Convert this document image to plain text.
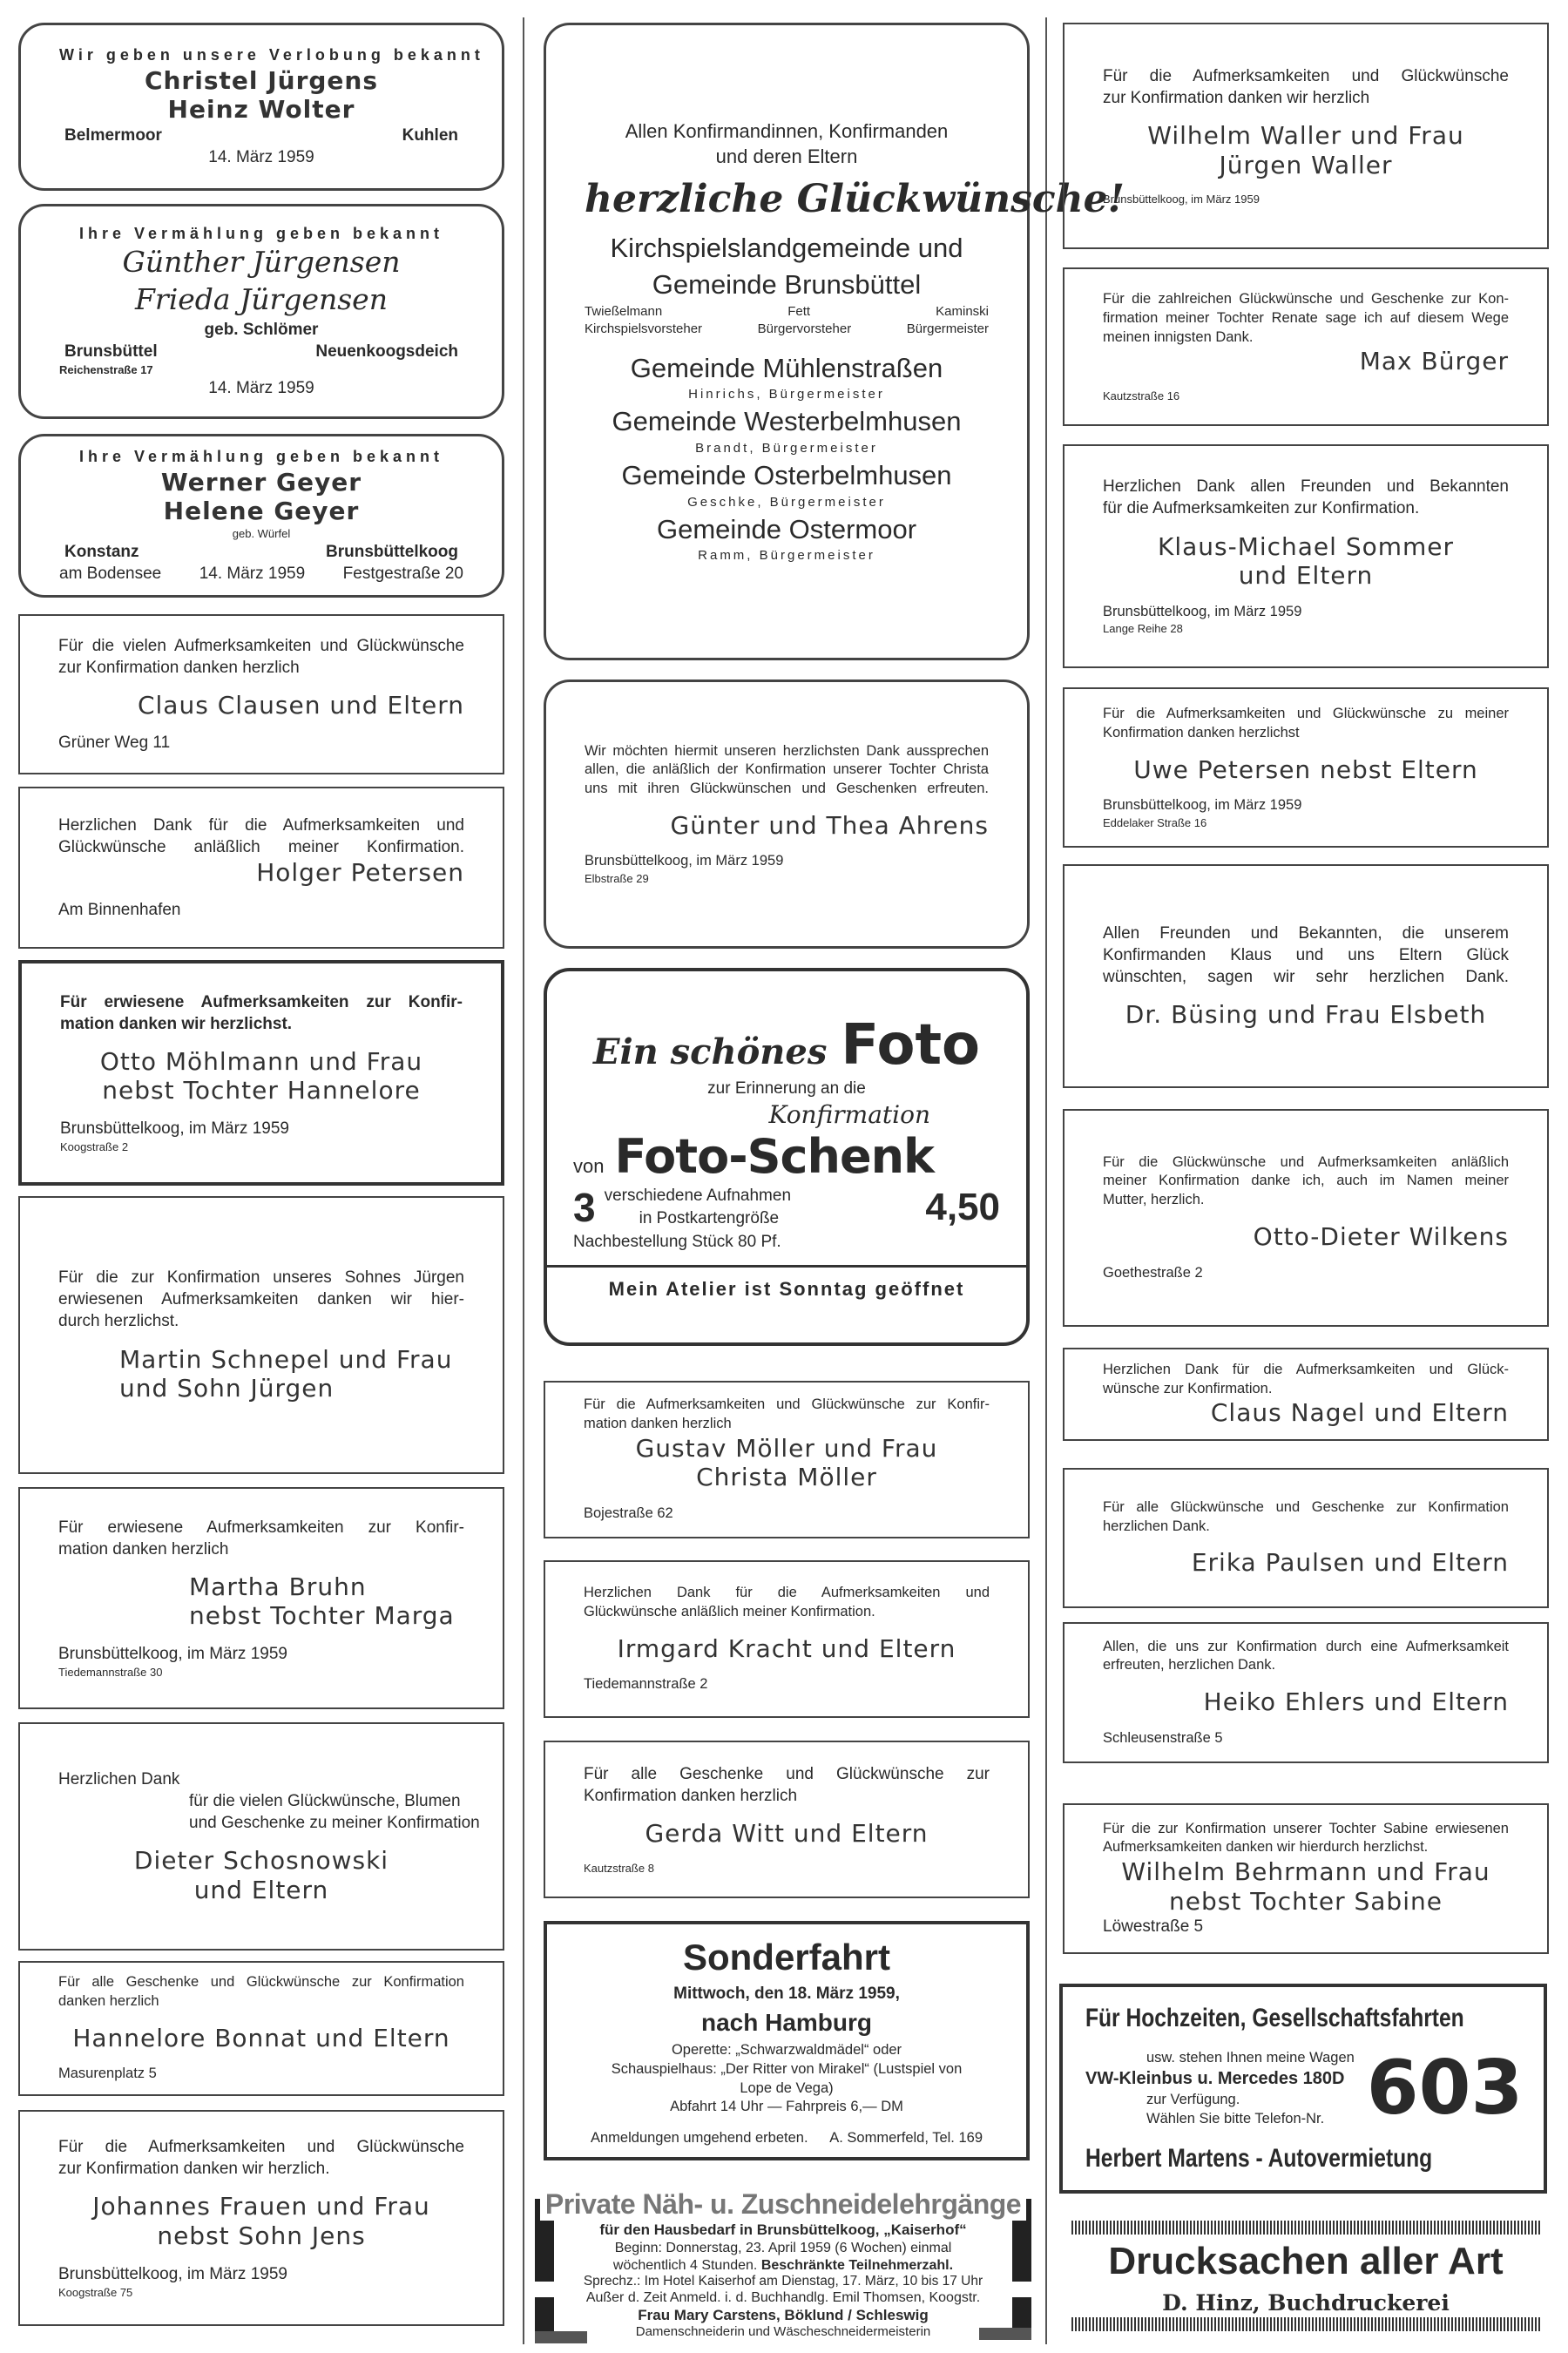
Wir geben unsere Verlobung bekannt
Christel Jürgens
Heinz Wolter
Belmermoor	Kuhlen
14. März 1959
Ihre Vermählung geben bekannt
Günther Jürgensen
Frieda Jürgensen
geb. Schlömer
Brunsbüttel	Neuenkoogsdeich
Reichenstraße 17
14. März 1959
Ihre Vermählung geben bekannt
Werner Geyer
Helene Geyer
geb. Würfel
Konstanz	Brunsbüttelkoog
am Bodensee 14. März 1959 Festgestraße 20
Für die vielen Aufmerksamkeiten und Glückwünsche
zur Konfirmation danken herzlich
Claus Clausen und Eltern
Grüner Weg 11
Herzlichen Dank für die Aufmerksamkeiten und
Glückwünsche anläßlich meiner Konfirmation.
Holger Petersen
Am Binnenhafen
Für erwiesene Aufmerksamkeiten zur Konfir-
mation danken wir herzlichst.
Otto Möhlmann und Frau
nebst Tochter Hannelore
Brunsbüttelkoog, im März 1959
Koogstraße 2
Für die zur Konfirmation unseres Sohnes Jürgen
erwiesenen Aufmerksamkeiten danken wir hier-
durch herzlichst.
Martin Schnepel und Frau
und Sohn Jürgen
Für erwiesene Aufmerksamkeiten zur Konfir-
mation danken herzlich
Martha Bruhn
nebst Tochter Marga
Brunsbüttelkoog, im März 1959
Tiedemannstraße 30
Herzlichen Dank
für die vielen Glückwünsche, Blumen
und Geschenke zu meiner Konfirmation
Dieter Schosnowski
und Eltern
Für alle Geschenke und Glückwünsche zur Konfirmation
danken herzlich
Hannelore Bonnat und Eltern
Masurenplatz 5
Für die Aufmerksamkeiten und Glückwünsche
zur Konfirmation danken wir herzlich.
Johannes Frauen und Frau
nebst Sohn Jens
Brunsbüttelkoog, im März 1959
Koogstraße 75
Allen Konfirmandinnen, Konfirmanden
und deren Eltern
herzliche Glückwünsche!
Kirchspielslandgemeinde und
Gemeinde Brunsbüttel
Twießelmann	Fett	Kaminski
Kirchspielsvorsteher	Bürgervorsteher	Bürgermeister
Gemeinde Mühlenstraßen
Hinrichs, Bürgermeister
Gemeinde Westerbelmhusen
Brandt, Bürgermeister
Gemeinde Osterbelmhusen
Geschke, Bürgermeister
Gemeinde Ostermoor
Ramm, Bürgermeister
Wir möchten hiermit unseren herzlichsten Dank aussprechen
allen, die anläßlich der Konfirmation unserer Tochter Christa
uns mit ihren Glückwünschen und Geschenken erfreuten.
Günter und Thea Ahrens
Brunsbüttelkoog, im März 1959
Elbstraße 29
Für die Aufmerksamkeiten und Glückwünsche zur Konfir-
mation danken herzlich
Gustav Möller und Frau
Christa Möller
Bojestraße 62
Herzlichen Dank für die Aufmerksamkeiten und
Glückwünsche anläßlich meiner Konfirmation.
Irmgard Kracht und Eltern
Tiedemannstraße 2
Für alle Geschenke und Glückwünsche zur
Konfirmation danken herzlich
Gerda Witt und Eltern
Kautzstraße 8
Sonderfahrt
Mittwoch, den 18. März 1959,
nach Hamburg
Operette: „Schwarzwaldmädel“ oder
Schauspielhaus: „Der Ritter von Mirakel“ (Lustspiel von
Lope de Vega)
Abfahrt 14 Uhr — Fahrpreis 6,— DM
Anmeldungen umgehend erbeten. A. Sommerfeld, Tel. 169
Für die Aufmerksamkeiten und Glückwünsche
zur Konfirmation danken wir herzlich
Wilhelm Waller und Frau
Jürgen Waller
Brunsbüttelkoog, im März 1959
Für die zahlreichen Glückwünsche und Geschenke zur Kon-
firmation meiner Tochter Renate sage ich auf diesem Wege
meinen innigsten Dank.
Max Bürger
Kautzstraße 16
Herzlichen Dank allen Freunden und Bekannten
für die Aufmerksamkeiten zur Konfirmation.
Klaus-Michael Sommer
und Eltern
Brunsbüttelkoog, im März 1959
Lange Reihe 28
Für die Aufmerksamkeiten und Glückwünsche zu meiner
Konfirmation danken herzlichst
Uwe Petersen nebst Eltern
Brunsbüttelkoog, im März 1959
Eddelaker Straße 16
Allen Freunden und Bekannten, die unserem
Konfirmanden Klaus und uns Eltern Glück
wünschten, sagen wir sehr herzlichen Dank.
Dr. Büsing und Frau Elsbeth
Für die Glückwünsche und Aufmerksamkeiten anläßlich
meiner Konfirmation danke ich, auch im Namen meiner
Mutter, herzlich.
Otto-Dieter Wilkens
Goethestraße 2
Herzlichen Dank für die Aufmerksamkeiten und Glück-
wünsche zur Konfirmation.
Claus Nagel und Eltern
Für alle Glückwünsche und Geschenke zur Konfirmation
herzlichen Dank.
Erika Paulsen und Eltern
Allen, die uns zur Konfirmation durch eine Aufmerksamkeit
erfreuten, herzlichen Dank.
Heiko Ehlers und Eltern
Schleusenstraße 5
Für die zur Konfirmation unserer Tochter Sabine erwiesenen
Aufmerksamkeiten danken wir hierdurch herzlichst.
Wilhelm Behrmann und Frau
nebst Tochter Sabine
Löwestraße 5
Drucksachen aller Art
D. Hinz, Buchdruckerei
Ein schönes Foto
zur Erinnerung an die
Konfirmation
von Foto-Schenk
3 verschiedene Aufnahmen
in Postkartengröße	4,50
Nachbestellung Stück 80 Pf.
Mein Atelier ist Sonntag geöffnet
Private Näh- u. Zuschneidelehrgänge
für den Hausbedarf in Brunsbüttelkoog, „Kaiserhof“
Beginn: Donnerstag, 23. April 1959 (6 Wochen) einmal
wöchentlich 4 Stunden. Beschränkte Teilnehmerzahl.
Sprechz.: Im Hotel Kaiserhof am Dienstag, 17. März, 10 bis 17 Uhr
Außer d. Zeit Anmeld. i. d. Buchhandlg. Emil Thomsen, Koogstr.
Frau Mary Carstens, Böklund / Schleswig
Damenschneiderin und Wäscheschneidermeisterin
Für Hochzeiten, Gesellschaftsfahrten
usw. stehen Ihnen meine Wagen
VW-Kleinbus u. Mercedes 180D
zur Verfügung.
Wählen Sie bitte Telefon-Nr. 603
Herbert Martens - Autovermietung
